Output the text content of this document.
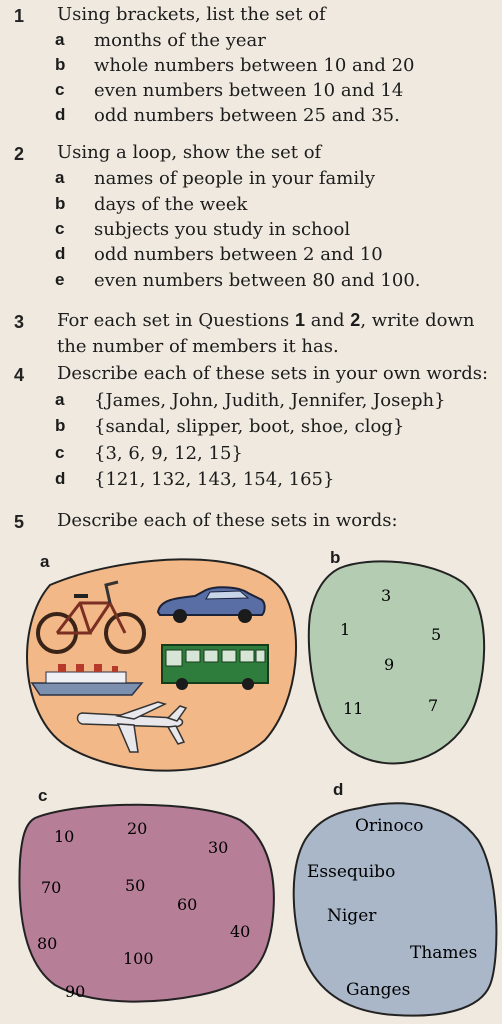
1 Using brackets, list the set of
a months of the year
b whole numbers between 10 and 20
c even numbers between 10 and 14
d odd numbers between 25 and 35.
2 Using a loop, show the set of
a names of people in your family
b days of the week
c subjects you study in school
d odd numbers between 2 and 10
e even numbers between 80 and 100.
3 For each set in Questions 1 and 2, write down
the number of members it has.
4 Describe each of these sets in your own words:
a {James, John, Judith, Jennifer, Joseph}
b {sandal, slipper, boot, shoe, clog}
c {3, 6, 9, 12, 15}
d {121, 132, 143, 154, 165}
5 Describe each of these sets in words:
a	b
c	d
3
1	5
9
11	7
10	20
30
70	50
60
40
80
100
90
Orinoco
Essequibo
Niger
Thames
Ganges
